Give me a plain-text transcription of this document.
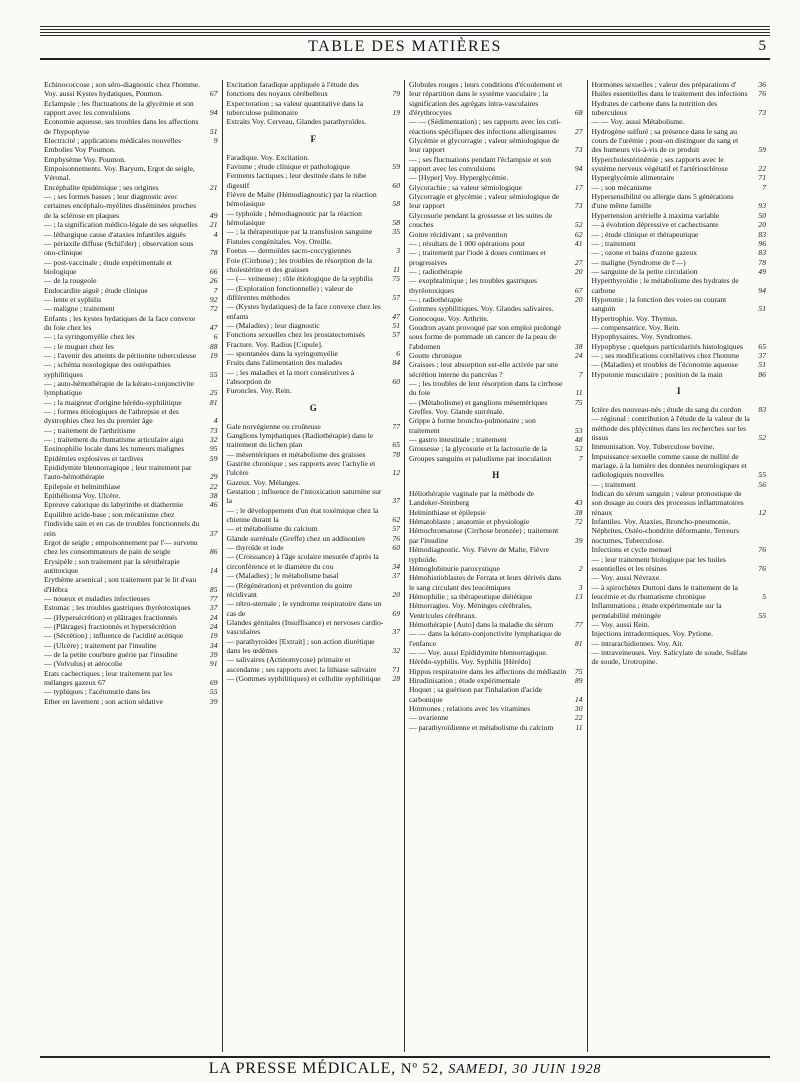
TABLE DES MATIÈRES	5
Echinococcose ; son séro-diagnostic chez l'homme. Voy. aussi Kystes hydatiques, Poumon.	67
Eclampsie ; les fluctuations de la glycémie et son rapport avec les convulsions	94
Economie aqueuse, ses troubles dans les affections de l'hypophyse	51
Electricité ; applications médicales nouvelles	9
Embolies Voy Poumon.
Emphysème Voy. Poumon.
Empoisonnements. Voy. Baryum, Ergot de seigle, Véronal.
Encéphalite épidémique ; ses origines	21
— ; ses formes basses ; leur diagnostic avec certaines encéphalo-myélites disséminées proches de la sclérose en plaques	49
— ; la signification médico-légale de ses séquelles 21
— léthargique cause d'ataxies infantiles aiguës	4
— périaxile diffuse (Schil'der) ; observation sous ono-clinique	78
— post-vaccinale ; étude expérimentale et biologique	66
— de la rougeole	26
Endocardite aiguë ; étude clinique	7
— lente et syphilis	92
— maligne ; traitement	72
Enfants ; les kystes hydatiques de la face convexe du foie chez les	47
— ; la syringomyélie chez les	6
— ; le muguet chez les	88
— ; l'avenir des atteints de péritonite tuberculeuse 19
— ; schéma nosologique des ostéopathies syphilitiques	55
— ; auto-hémothérapie de la kérato-conjonctivite lymphatique	25
— ; la maigreur d'origine hérédo-syphilitique	81
— ; formes étiologiques de l'athrepsie et des dystrophies chez les du premier âge	4
— ; traitement de l'arthritisme	73
— ; traitement du rhumatisme articulaire aigu	32
Eosinophilie locale dans les tumeurs malignes	95
Epidémies explosives et tardives	59
Epididymite blennorragique ; leur traitement par l'auto-hémothérapie	29
Epilepsie et helminthiase	22
Epithélioma Voy. Ulcère.	38
Epreuve calorique du labyrinthe et diathermie	46
Equilibre acide-base ; son mécanisme chez l'individu sain et en cas de troubles fonctionnels du rein	37
Ergot de seigle ; empoisonnement par l'— survenu chez les consommateurs de pain de seigle	86
Erysipèle ; son traitement par la sérothérapie autitoxique	14
Erythème arsenical ; son traitement par le lit d'eau d'Hébra	85
— noueux et maladies infectieuses	77
Estomac ; les troubles gastriques thyréotoxiques	37
— (Hypersécrétion) et plâtrages fractionnés	24
— (Plâtrages) fractionnés et hypersécrétion	24
— (Sécrétion) ; influence de l'acidité acétique	19
— (Ulcère) ; traitement par l'insuline	34
— de la petite courbure guérie par l'insuline	39
— (Volvulus) et aérocolie	91
Etats cachectiques ; leur traitement par les mélanges gazeux 67	69
— typhiques ; l'acétonurie dans les	55
Ether en lavement ; son action sédative	39
Excitation faradique appliquée à l'étude des fonctions des noyaux cérébelleux	79
Expectoration ; sa valeur quantitative dans la tuberculose pulmonaire	19
Extraits Voy. Cerveau, Glandes parathyroïdes.
F
Faradique. Voy. Excitation.
Favisme ; étude clinique et pathologique	59
Ferments lactiques ; leur destinée dans le tube digestif	60
Fièvre de Malte (Hémodiagnostic) par la réaction hémolasique	58
— typhoïde ; hémodiagnostic par la réaction hémolasique	58
— ; la thérapeutique par la transfusion sanguine	35
Fistules congénitales. Voy. Oreille.
Foetus — dermoïdes sacro-coccygiennes	3
Foie (Cirrhose) ; les troubles de résorption de la cholestérine et des graisses	11
— (— veineuse) ; rôle étiologique de la syphilis	75
— (Exploration fonctionnelle) ; valeur de différentes méthodes	57
— (Kystes hydatiques) de la face convexe chez les enfants	47
— (Maladies) ; leur diagnostic	51
Fonctions sexuelles chez les prostatectomisés	57
Fracture. Voy. Radius [Cupule].
— spontanées dans la syringomyélie	6
Fruits dans l'alimentation des malades	84
— ; les maladies et la mort consécutives à l'absorption de	60
Furoncles. Voy. Rein.
G
Gale norvégienne ou croûteuse	77
Ganglions lymphatiques (Radiothérapie) dans le traitement du lichen plan	65
— mésentériques et métabolisme des graisses	78
Gastrite chronique ; ses rapports avec l'achylie et l'ulcère	12
Gazeux. Voy. Mélanges.
Gestation ; influence de l'intoxication saturnine sur la	37
— ; le développement d'un état toxémique chez la chienne durant la	62
— et métabolisme du calcium	57
Glande surrénale (Greffe) chez un addisonien	76
— thyroïde et iode	60
— (Croissance) à l'âge scolaire mesurée d'après la circonférence et le diamètre du cou	34
— (Maladies) ; le métabolisme basal	37
— (Régénération) et prévention du goitre récidivant	20
— rétro-sternale ; le syndrome respiratoire dans un cas de	69
Glandes génitales (Insuffisance) et nervoses cardio-vasculaires	37
— parathyroïdes [Extrait] ; son action diurétique dans les œdèmes	32
— salivaires (Actinomycose) primaire et ascendante ; ses rapports avec la lithiase salivaire 71
— (Gommes syphilitiques) et cellulite syphilitique 28
Globules rouges ; leurs conditions d'écoulement et leur répartition dans le système vasculaire ; la signification des agrégats intra-vasculaires d'érythrocytes	68
— — (Sédimentation) ; ses rapports avec les cuti-réactions spécifiques des infections allergisantes 27
Glycémie et glycorragie ; valeur sémiologique de leur rapport	73
— ; ses fluctuations pendant l'éclampsie et son rapport avec les convulsions	94
— [Hyper] Voy. Hyperglycémie.
Glycorachie ; sa valeur sémiologique	17
Glycorragie et glycémie ; valeur sémiologique de leur rapport	73
Glycosurie pendant la grossesse et les suites de couches	52
Goitre récidivant ; sa prévention	62
— ; résultats de 1 000 opérations pour	41
— ; traitement par l'iode à doses continues et progressives	27
— ; radiothérapie	20
— exophtalmique ; les troubles gastriques thyréotoxiques	67
— ; radiothérapie	20
Gommes syphilitiques. Voy. Glandes salivaires.
Gonocoque. Voy. Arthrite.
Goudron ayant provoqué par son emploi prolongé sous forme de pommade un cancer de la peau de l'abdomen	38
Goutte chronique	24
Graisses ; leur absorption est-elle activée par une sécrétion interne du pancréas ?	7
— ; les troubles de leur résorption dans la cirrhose du foie	11
— (Métabolisme) et ganglions mésentériques	75
Greffes. Voy. Glande surrénale.
Grippe à forme broncho-pulmonaire ; son traitement	53
— gastro intestinale ; traitement	48
Grossesse ; la glycosurie et la lactosurie de la	52
Groupes sanguins et paludisme par inoculation	7
H
Héliothérapie vaginale par la méthode de Landeker-Steinberg	43
Helminthiase et épilepsie	38
Hématoblaste ; anatomie et physiologie	72
Hémochromatose (Cirrhose bronzée) ; traitement par l'insuline	39
Hémodiagnostic. Voy. Fièvre de Malte, Fièvre typhoïde.
Hémoglobinurie paroxystique	2
Hémohistioblastes de Ferrata et leurs dérivés dans le sang circulant des leucémiques	3
Hémophilie ; sa thérapeutique diététique	13
Hémorragies. Voy. Méninges cérébrales, Ventricules cérébraux.
Hémothérapie [Auto] dans la maladie du sérum	77
— — dans la kérato-conjonctivite lymphatique de l'enfance	81
— — Voy. aussi Epididymite blennorragique.
Hérédo-syphilis. Voy. Syphilis [Hérédo]
Hippus respiratoire dans les affections du médiastin 75
Hirudinisation ; étude expérimentale	89
Hoquet ; sa guérison par l'inhalation d'acide carbonique	14
Hormones ; relations avec les vitamines	30
— ovarienne	22
— parathyroïdienne et métabolisme du calcium	11
Hormones sexuelles ; valeur des préparations d'	36
Huiles essentielles dans le traitement des infections 76
Hydrates de carbone dans la nutrition des tuberculeux	73
— — Voy. aussi Métabolisme.
Hydrogène sulfuré ; sa présence dans le sang au cours de l'urémie ; pour-on distinguer du sang et des humeurs vis-à-vis de ce produit	59
Hypercholestérinémie ; ses rapports avec le système nerveux végétatif et l'artériosclérose	22
Hyperglycémie alimentaire	71
— ; son mécanisme	7
Hypersensibilité ou allergie dans 5 générations d'une même famille	93
Hypertension artérielle à maxima variable	50
— à évolution dépressive et cachectisante	20
— ; étude clinique et thérapeutique	83
— ; traitement	96
— ; ozone et bains d'ozone gazeux	83
— maligne (Syndrome de l'—)	78
— sanguine de la petite circulation	49
Hyperthyroïdie ; le métabolisme des hydrates de carbone	94
Hypotonie ; la fonction des voies ou courant sanguin	51
Hypertrophie. Voy. Thymus.
— compensatrice. Voy. Rein.
Hypophysaires. Voy. Syndromes.
Hypophyse ; quelques particularités histologiques 65
— ; ses modifications corrélatives chez l'homme	37
— (Maladies) et troubles de l'économie aqueuse	51
Hypotonie musculaire ; position de la main	86
I
Ictère des nouveau-nés ; étude du sang du cordon 83
— régional : contribution à l'étude de la valeur de la méthode des phlyctènes dans les recherches sur les tissus	52
Immunisation. Voy. Tuberculose bovine.
Impuissance sexuelle comme cause de nullité de mariage, à la lumière des données neurologiques et radiologiques nouvelles	55
— ; traitement	56
Indican du sérum sanguin ; valeur pronostique de son dosage au cours des processus inflammatoires rénaux	12
Infantiles. Voy. Ataxies, Broncho-pneumonie, Néphrites, Ostéo-chondrite déformante, Terreurs nocturnes, Tuberculose.
Infections et cycle menuel	76
— ; leur traitement biologique par les huiles essentielles et les résines	76
— Voy. aussi Névraxe.
— à spirochètes Duttoni dans le traitement de la leucémie et du rhumatisme chronique	5
Inflammations ; étude expérimentale sur la perméabilité méningée	55
— Voy. aussi Rein.
Injections intradermiques. Voy. Pytione.
— intrarachidiennes. Voy. Air.
— intraveineuses. Voy. Salicylate de soude, Sulfate de soude, Urotropine.
LA PRESSE MÉDICALE, Nº 52, SAMEDI, 30 JUIN 1928
